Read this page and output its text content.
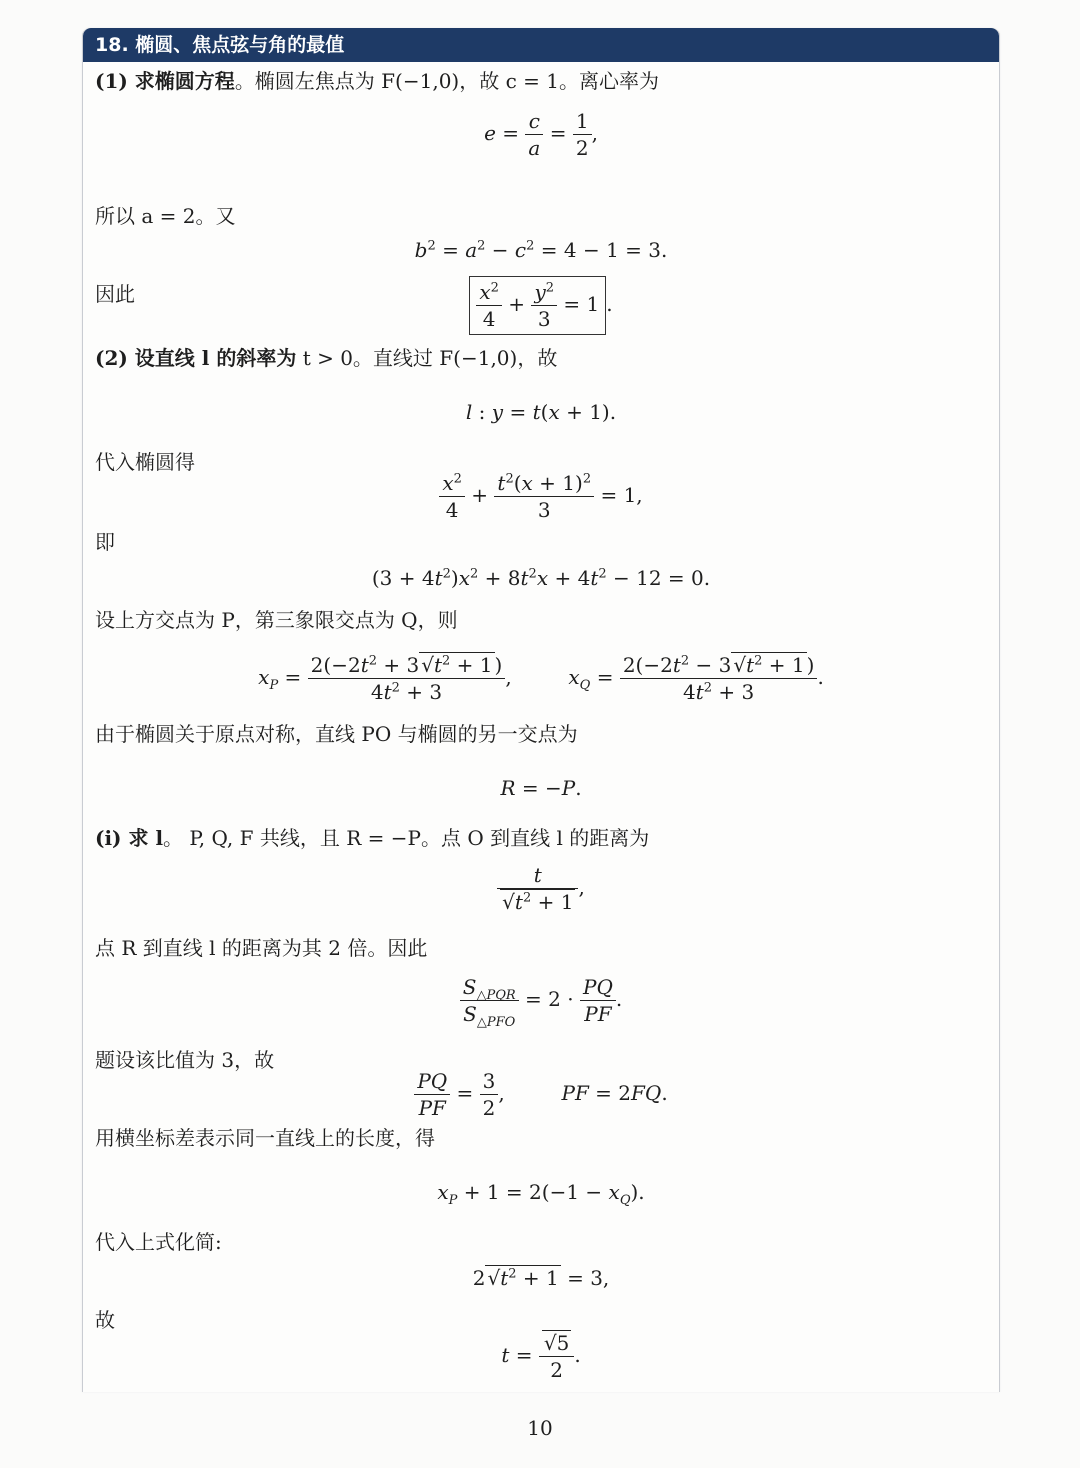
18. 椭圆、焦点弦与角的最值
(1) 求椭圆方程。椭圆左焦点为 F(−1,0)，故 c = 1。离心率为
$e = \frac{c}{a} = \frac{1}{2}$ ,
所以 a = 2。又
$b^2 = a^2 - c^2 = 4 - 1 = 3$.
因此	$\frac{x^2}{4} + \frac{y^2}{3} = 1$ .
(2) 设直线 l 的斜率为 t > 0。直线过 F(−1,0)，故
l : y = t(x + 1).
代入椭圆得
$\frac{x^2}{4} + \frac{t^2(x + 1)^2}{3} = 1$,
即
$(3 + 4t^2)x^2 + 8t^2x + 4t^2 - 12 = 0$.
设上方交点为 P，第三象限交点为 Q，则
$x_P = \frac{2(-2t^2 + 3 √t^2 + 1 )}{4t^2 + 3}$ ,	$x_Q = \frac{2(-2t^2 - 3 √t^2 + 1 )}{4t^2 + 3}$ .
由于椭圆关于原点对称，直线 PO 与椭圆的另一交点为
R = −P.
(i) 求 l。 P, Q, F 共线，且 R = −P。点 O 到直线 l 的距离为
$\frac{t}{√t^2 + 1}$ ,
点 R 到直线 l 的距离为其 2 倍。因此
$\frac{S_{\triangle PQR}}{S_{\triangle PFO}} = 2 \cdot \frac{PQ}{PF}$ .
题设该比值为 3，故
$\frac{PQ}{PF} = \frac{3}{2}$ ,	PF = 2FQ.
用横坐标差表示同一直线上的长度，得
$x_P + 1 = 2(-1 - x_Q)$.
代入上式化简:
2 $√t^2 + 1 = 3$,
故
$t = \frac{√5}{2}$ .
10
